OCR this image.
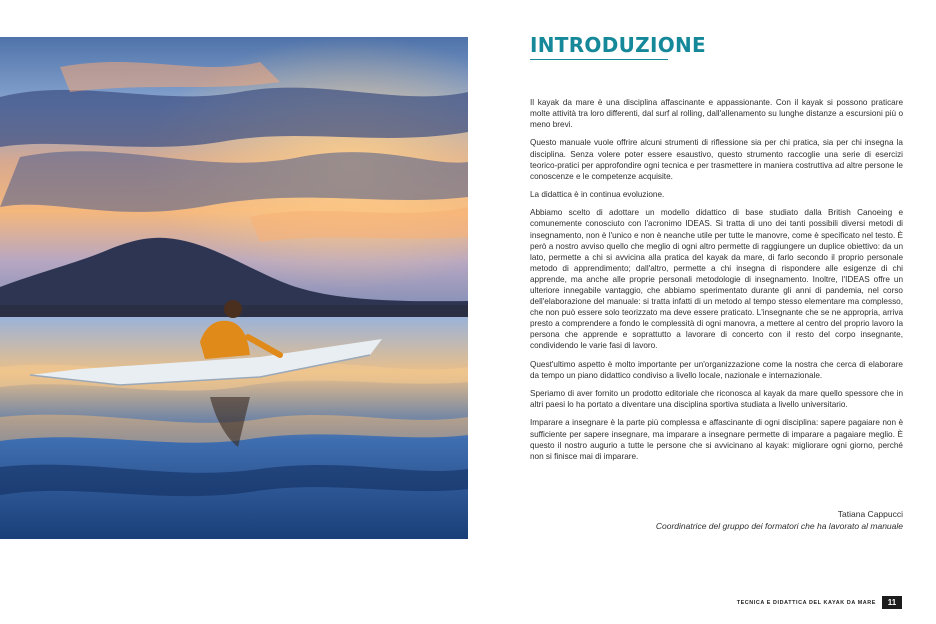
INTRODUZIONE

Il kayak da mare è una disciplina affascinante e appassionante. Con il kayak si possono praticare molte attività tra loro differenti, dal surf al rolling, dall'allenamento su lunghe distanze a escursioni più o meno brevi.

Questo manuale vuole offrire alcuni strumenti di riflessione sia per chi pratica, sia per chi insegna la disciplina. Senza volere poter essere esaustivo, questo strumento raccoglie una serie di esercizi teorico-pratici per approfondire ogni tecnica e per trasmettere in maniera costruttiva ad altre persone le conoscenze e le competenze acquisite.

La didattica è in continua evoluzione.

Abbiamo scelto di adottare un modello didattico di base studiato dalla British Canoeing e comunemente conosciuto con l'acronimo IDEAS. Si tratta di uno dei tanti possibili diversi metodi di insegnamento, non è l'unico e non è neanche utile per tutte le manovre, come è specificato nel testo. È però a nostro avviso quello che meglio di ogni altro permette di raggiungere un duplice obiettivo: da un lato, permette a chi si avvicina alla pratica del kayak da mare, di farlo secondo il proprio personale metodo di apprendimento; dall'altro, permette a chi insegna di rispondere alle esigenze di chi apprende, ma anche alle proprie personali metodologie di insegnamento. Inoltre, l'IDEAS offre un ulteriore innegabile vantaggio, che abbiamo sperimentato durante gli anni di pandemia, nel corso dell'elaborazione del manuale: si tratta infatti di un metodo al tempo stesso elementare ma complesso, che non può essere solo teorizzato ma deve essere praticato. L'insegnante che se ne appropria, arriva presto a comprendere a fondo le complessità di ogni manovra, a mettere al centro del proprio lavoro la persona che apprende e soprattutto a lavorare di concerto con il resto del corpo insegnante, condividendo le varie fasi di lavoro.

Quest'ultimo aspetto è molto importante per un'organizzazione come la nostra che cerca di elaborare da tempo un piano didattico condiviso a livello locale, nazionale e internazionale.

Speriamo di aver fornito un prodotto editoriale che riconosca al kayak da mare quello spessore che in altri paesi lo ha portato a diventare una disciplina sportiva studiata a livello universitario.

Imparare a insegnare è la parte più complessa e affascinante di ogni disciplina: sapere pagaiare non è sufficiente per sapere insegnare, ma imparare a insegnare permette di imparare a pagaiare meglio. È questo il nostro augurio a tutte le persone che si avvicinano al kayak: migliorare ogni giorno, perché non si finisce mai di imparare.

Tatiana Cappucci
Coordinatrice del gruppo dei formatori che ha lavorato al manuale
TECNICA E DIDATTICA DEL KAYAK DA MARE	11
